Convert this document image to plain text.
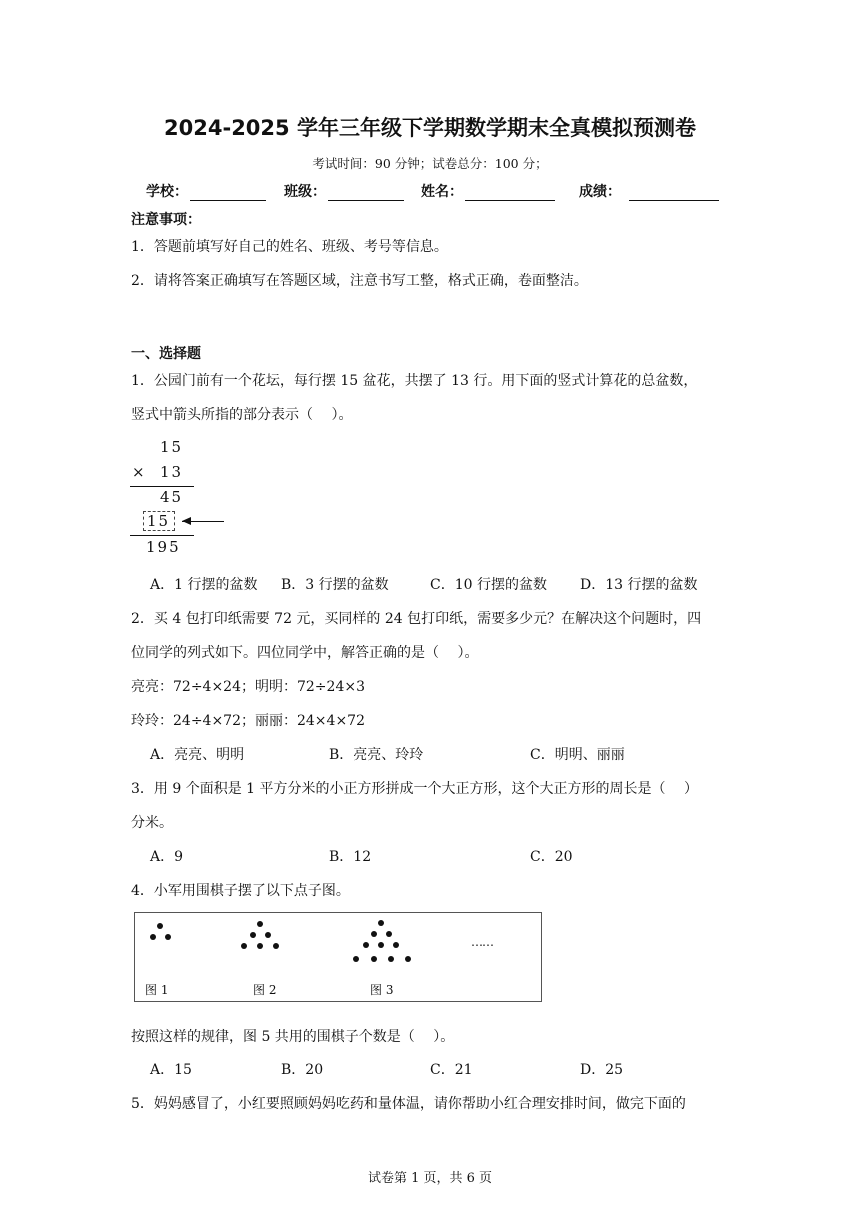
2024-2025 学年三年级下学期数学期末全真模拟预测卷
考试时间：90 分钟；试卷总分：100 分；
学校：	班级：	姓名：	成绩：
注意事项：
1．答题前填写好自己的姓名、班级、考号等信息。
2．请将答案正确填写在答题区域，注意书写工整，格式正确，卷面整洁。
一、选择题
1．公园门前有一个花坛，每行摆 15 盆花，共摆了 13 行。用下面的竖式计算花的总盆数，
竖式中箭头所指的部分表示（　 ）。
15
× 13
45
15
195
A．1 行摆的盆数 B．3 行摆的盆数	C．10 行摆的盆数 D．13 行摆的盆数
2．买 4 包打印纸需要 72 元，买同样的 24 包打印纸，需要多少元？在解决这个问题时，四
位同学的列式如下。四位同学中，解答正确的是（　 ）。
亮亮：72÷4×24；明明：72÷24×3
玲玲：24÷4×72；丽丽：24×4×72
A．亮亮、明明	B．亮亮、玲玲	C．明明、丽丽
3．用 9 个面积是 1 平方分米的小正方形拼成一个大正方形，这个大正方形的周长是（　 ）
分米。
A．9	B．12	C．20
4．小军用围棋子摆了以下点子图。
……
图 1	图 2	图 3
按照这样的规律，图 5 共用的围棋子个数是（　 ）。
A．15	B．20	C．21	D．25
5．妈妈感冒了，小红要照顾妈妈吃药和量体温，请你帮助小红合理安排时间，做完下面的
试卷第 1 页，共 6 页
